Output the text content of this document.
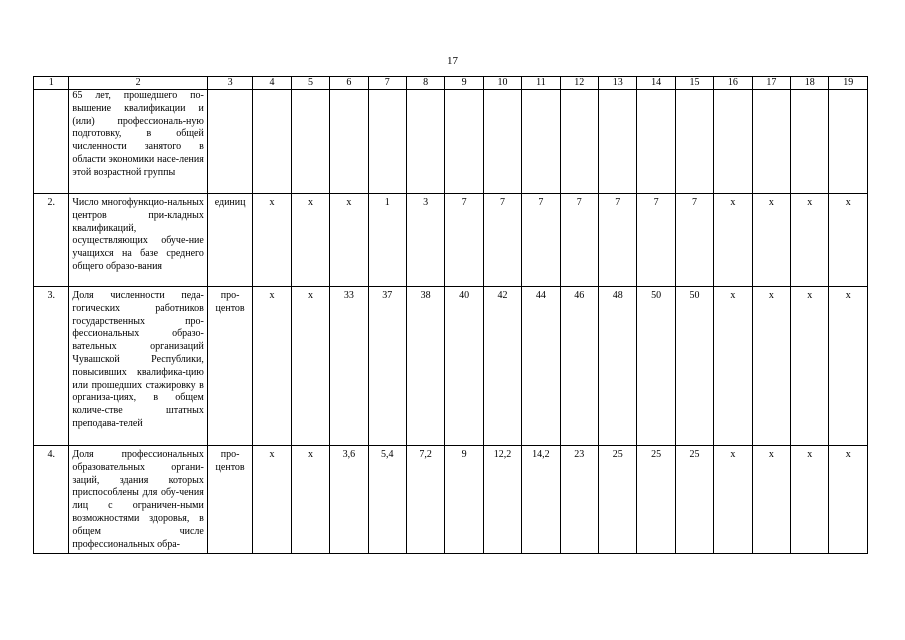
17
1	2	3	4	5	6	7	8	9	10	11	12	13	14	15	16	17	18	19
	65 лет, прошедшего по-вышение квалификации и (или) профессиональ-ную подготовку, в общей численности занятого в области экономики насе-ления этой возрастной группы																	
2.	Число многофункцио-нальных центров при-кладных квалификаций, осуществляющих обуче-ние учащихся на базе среднего общего образо-вания	единиц	x	x	x	1	3	7	7	7	7	7	7	7	x	x	x	x
3.	Доля численности педа-гогических работников государственных про-фессиональных образо-вательных организаций Чувашской Республики, повысивших квалифика-цию или прошедших стажировку в организа-циях, в общем количе-стве штатных преподава-телей	про-центов	x	x	33	37	38	40	42	44	46	48	50	50	x	x	x	x
4.	Доля профессиональных образовательных органи-заций, здания которых приспособлены для обу-чения лиц с ограничен-ными возможностями здоровья, в общем числе профессиональных обра-	про-центов	x	x	3,6	5,4	7,2	9	12,2	14,2	23	25	25	25	x	x	x	x
